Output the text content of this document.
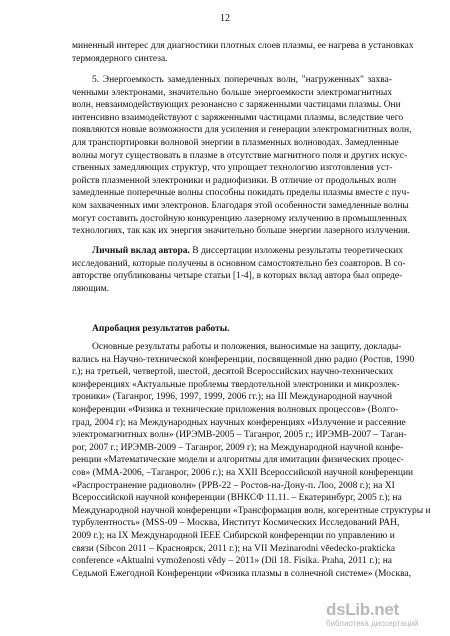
12
миненный интерес для диагностики плотных слоев плазмы, ее нагрева в установках
термоядерного синтеза.
5. Энергоемкость замедленных поперечных волн, "нагруженных" захва-
ченными электронами, значительно больше энергоемкости электромагнитных
волн, невзаимодействующих резонансно с заряженными частицами плазмы. Они
интенсивно взаимодействуют с заряженными частицами плазмы, вследствие чего
появляются новые возможности для усиления и генерации электромагнитных волн,
для транспортировки волновой энергии в плазменных волноводах. Замедленные
волны могут существовать в плазме в отсутствие магнитного поля и других искус-
ственных замедляющих структур, что упрощает технологию изготовления уст-
ройств плазменной электроники и радиофизики. В отличие от продольных волн
замедленные поперечные волны способны покидать пределы плазмы вместе с пуч-
ком захваченных ими электронов. Благодаря этой особенности замедленные волны
могут составить достойную конкуренцию лазерному излучению в промышленных
технологиях, так как их энергия значительно больше энергии лазерного излучения.
Личный вклад автора. В диссертации изложены результаты теоретических
исследований, которые получены в основном самостоятельно без соавторов. В со-
авторстве опубликованы четыре статьи [1-4], в которых вклад автора был опреде-
ляющим.
Апробация результатов работы.
Основные результаты работы и положения, выносимые на защиту, доклады-
вались на Научно-технической конференции, посвященной дню радио (Ростов, 1990
г.); на третьей, четвертой, шестой, десятой Всероссийских научно-технических
конференциях «Актуальные проблемы твердотельной электроники и микроэлек-
троники» (Таганрог, 1996, 1997, 1999, 2006 гг.); на III Международной научной
конференции «Физика и технические приложения волновых процессов» (Волго-
град, 2004 г); на Международных научных конференциях «Излучение и рассеяние
электромагнитных волн» (ИРЭМВ-2005 – Таганрог, 2005 г.; ИРЭМВ-2007 – Таган-
рог, 2007 г.; ИРЭМВ-2009 – Таганрог, 2009 г); на Международной научной конфе-
ренции «Математические модели и алгоритмы для имитации физических процес-
сов» (ММА-2006, –Таганрог, 2006 г.); на XXII Всероссийской научной конференции
«Распространение радиоволн» (РРВ-22 – Ростов-на-Дону-п. Лоо, 2008 г.); на XI
Всероссийской научной конференции (ВНКСФ 11.11. – Екатеринбург, 2005 г.); на
Международной научной конференции «Трансформация волн, когерентные структуры и
турбулентность» (MSS-09 – Москва, Институт Космических Исследований РАН,
2009 г.); на IX Международной IEEE Сибирской конференции по управлению и
связи (Sibcon 2011 – Красноярск, 2011 г.); на VII Mezinarodni věedecko-prakticka
conference «Aktualni vymoženosti vědy – 2011» (Dil 18. Fisika. Praha, 2011 г.); на
Седьмой Ежегодной Конференции «Физика плазмы в солнечной системе» (Москва,
dsLib.net
библиотека диссертаций
